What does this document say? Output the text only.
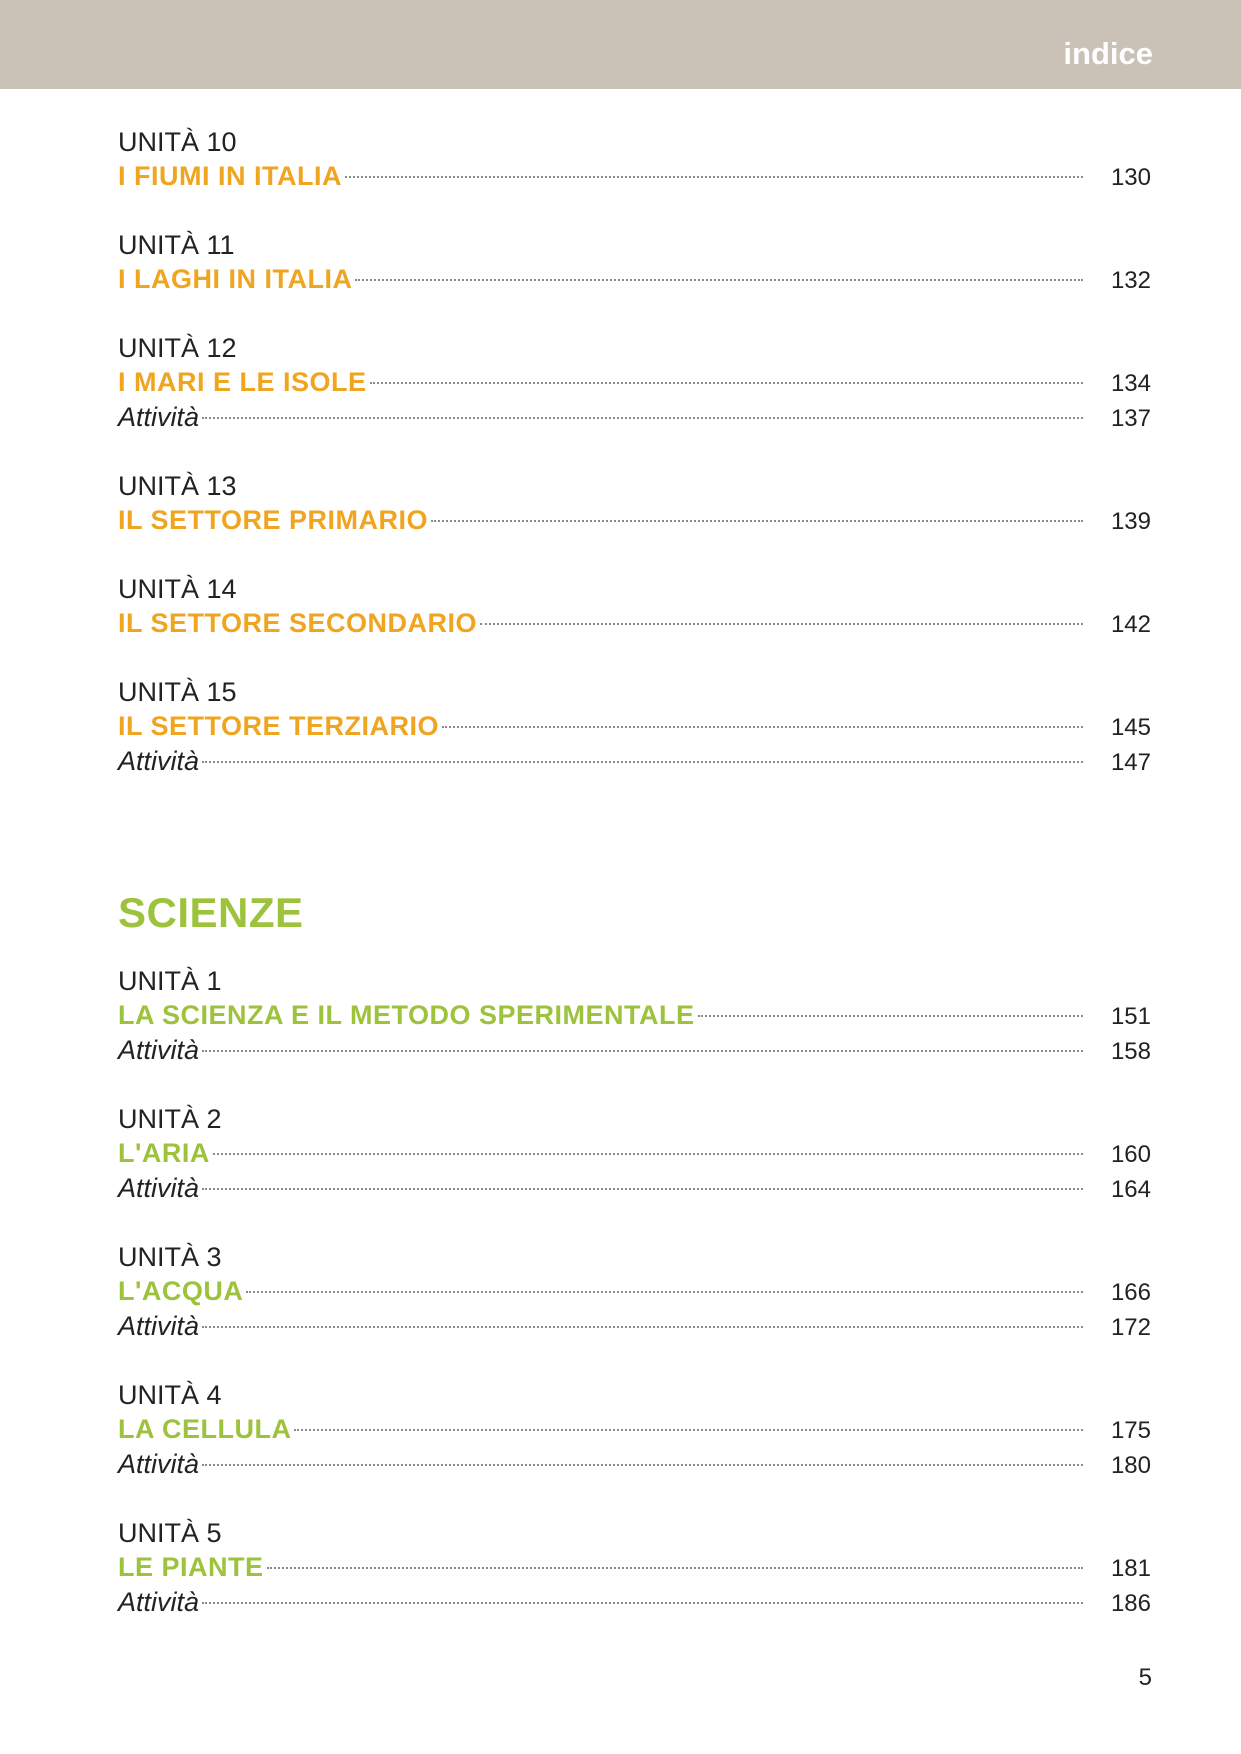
indice
UNITÀ 10
I FIUMI IN ITALIA	130
UNITÀ 11
I LAGHI IN ITALIA	132
UNITÀ 12
I MARI E LE ISOLE	134
Attività	137
UNITÀ 13
IL SETTORE PRIMARIO	139
UNITÀ 14
IL SETTORE SECONDARIO	142
UNITÀ 15
IL SETTORE TERZIARIO	145
Attività	147
SCIENZE
UNITÀ 1
LA SCIENZA E IL METODO SPERIMENTALE	151
Attività	158
UNITÀ 2
L'ARIA	160
Attività	164
UNITÀ 3
L'ACQUA	166
Attività	172
UNITÀ 4
LA CELLULA	175
Attività	180
UNITÀ 5
LE PIANTE	181
Attività	186
5
